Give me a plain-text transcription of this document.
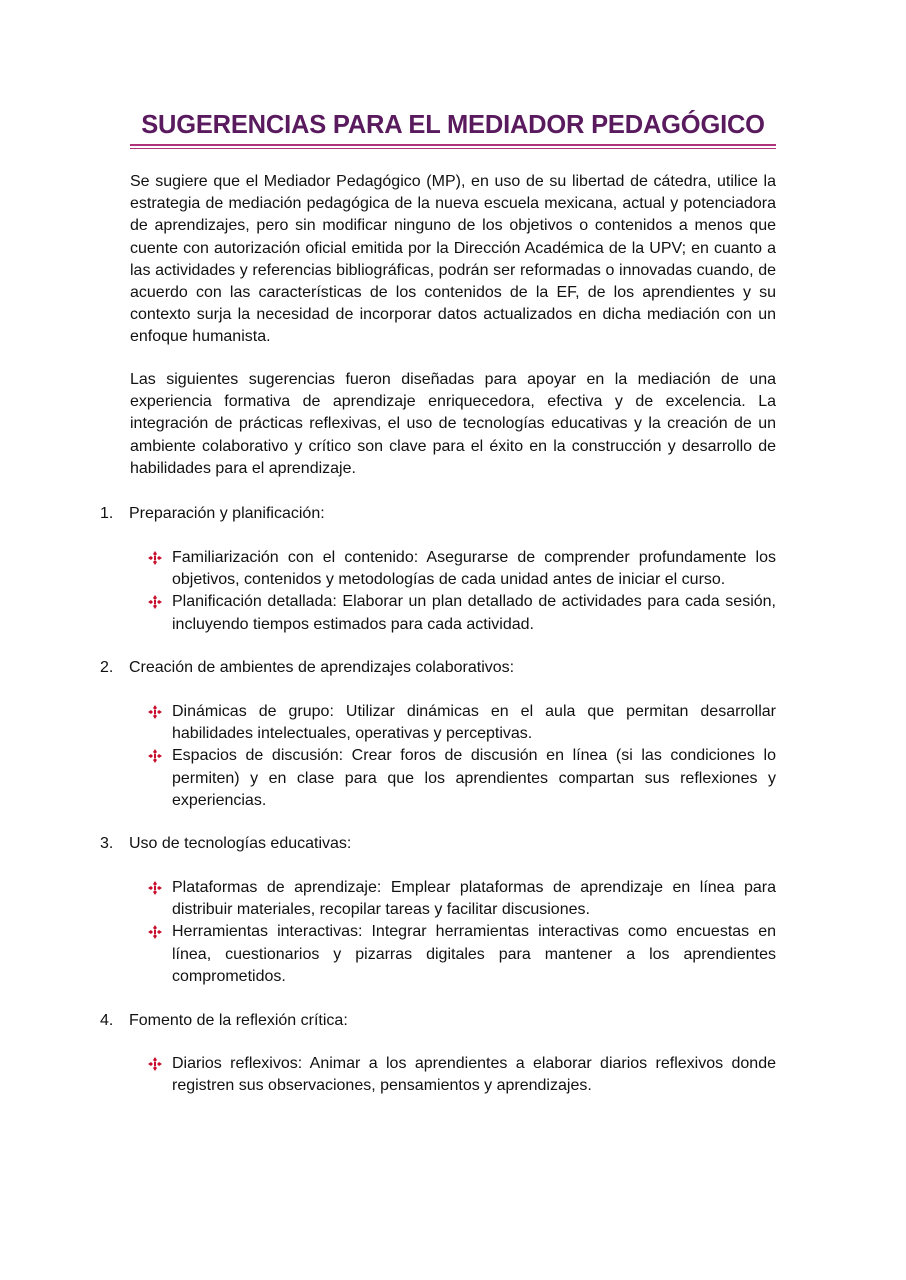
SUGERENCIAS PARA EL MEDIADOR PEDAGÓGICO

Se sugiere que el Mediador Pedagógico (MP), en uso de su libertad de cátedra, utilice la estrategia de mediación pedagógica de la nueva escuela mexicana, actual y potenciadora de aprendizajes, pero sin modificar ninguno de los objetivos o contenidos a menos que cuente con autorización oficial emitida por la Dirección Académica de la UPV; en cuanto a las actividades y referencias bibliográficas, podrán ser reformadas o innovadas cuando, de acuerdo con las características de los contenidos de la EF, de los aprendientes y su contexto surja la necesidad de incorporar datos actualizados en dicha mediación con un enfoque humanista.

Las siguientes sugerencias fueron diseñadas para apoyar en la mediación de una experiencia formativa de aprendizaje enriquecedora, efectiva y de excelencia. La integración de prácticas reflexivas, el uso de tecnologías educativas y la creación de un ambiente colaborativo y crítico son clave para el éxito en la construcción y desarrollo de habilidades para el aprendizaje.

1. Preparación y planificación:
Familiarización con el contenido: Asegurarse de comprender profundamente los objetivos, contenidos y metodologías de cada unidad antes de iniciar el curso.
Planificación detallada: Elaborar un plan detallado de actividades para cada sesión, incluyendo tiempos estimados para cada actividad.
2. Creación de ambientes de aprendizajes colaborativos:
Dinámicas de grupo: Utilizar dinámicas en el aula que permitan desarrollar habilidades intelectuales, operativas y perceptivas.
Espacios de discusión: Crear foros de discusión en línea (si las condiciones lo permiten) y en clase para que los aprendientes compartan sus reflexiones y experiencias.
3. Uso de tecnologías educativas:
Plataformas de aprendizaje: Emplear plataformas de aprendizaje en línea para distribuir materiales, recopilar tareas y facilitar discusiones.
Herramientas interactivas: Integrar herramientas interactivas como encuestas en línea, cuestionarios y pizarras digitales para mantener a los aprendientes comprometidos.
4. Fomento de la reflexión crítica:
Diarios reflexivos: Animar a los aprendientes a elaborar diarios reflexivos donde registren sus observaciones, pensamientos y aprendizajes.
